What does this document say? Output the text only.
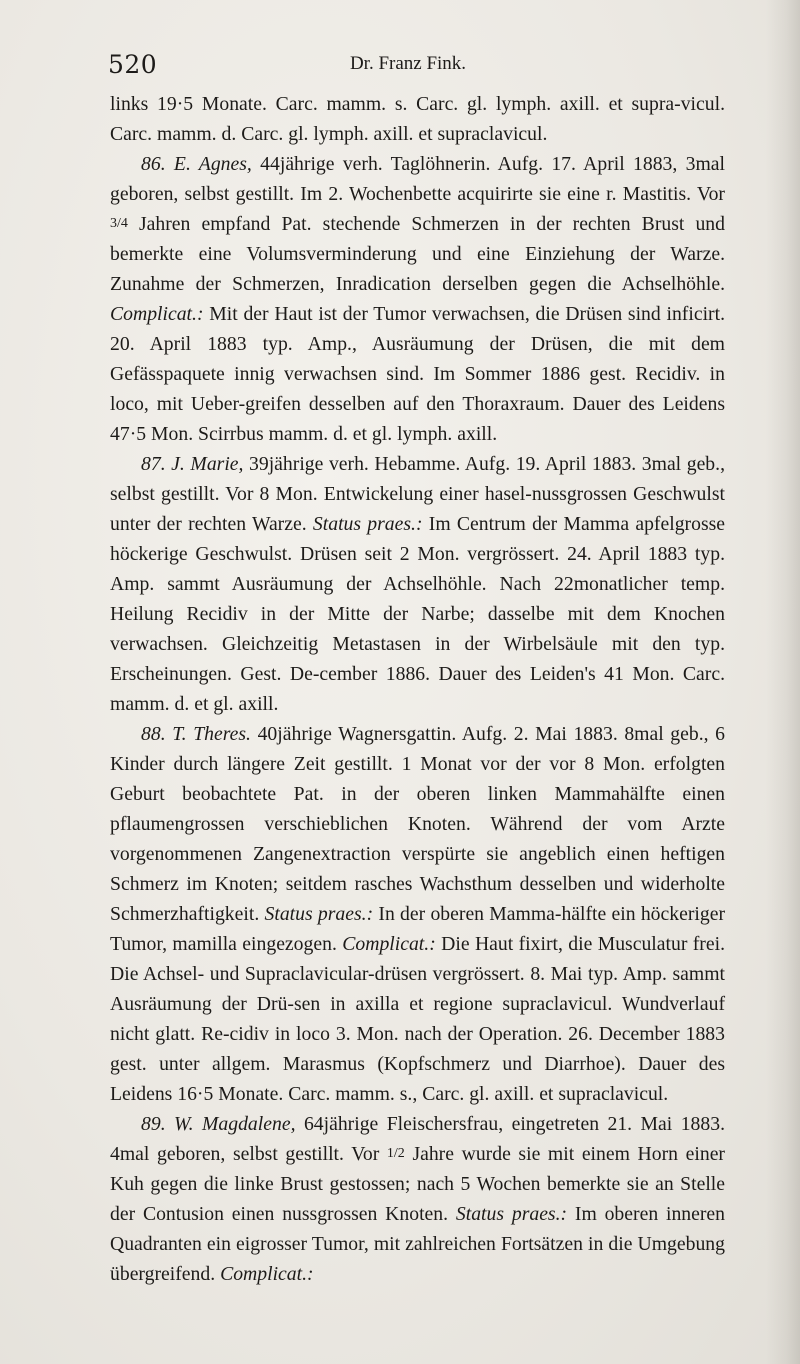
520	Dr. Franz Fink.

links 19·5 Monate. Carc. mamm. s. Carc. gl. lymph. axill. et supra-vicul. Carc. mamm. d. Carc. gl. lymph. axill. et supraclavicul.

86. E. Agnes, 44jährige verh. Taglöhnerin. Aufg. 17. April 1883, 3mal geboren, selbst gestillt. Im 2. Wochenbette acquirirte sie eine r. Mastitis. Vor 3/4 Jahren empfand Pat. stechende Schmerzen in der rechten Brust und bemerkte eine Volumsverminderung und eine Einziehung der Warze. Zunahme der Schmerzen, Inradication derselben gegen die Achselhöhle. Complicat.: Mit der Haut ist der Tumor verwachsen, die Drüsen sind inficirt. 20. April 1883 typ. Amp., Ausräumung der Drüsen, die mit dem Gefässpaquete innig verwachsen sind. Im Sommer 1886 gest. Recidiv. in loco, mit Ueber-greifen desselben auf den Thoraxraum. Dauer des Leidens 47·5 Mon. Scirrbus mamm. d. et gl. lymph. axill.

87. J. Marie, 39jährige verh. Hebamme. Aufg. 19. April 1883. 3mal geb., selbst gestillt. Vor 8 Mon. Entwickelung einer hasel-nussgrossen Geschwulst unter der rechten Warze. Status praes.: Im Centrum der Mamma apfelgrosse höckerige Geschwulst. Drüsen seit 2 Mon. vergrössert. 24. April 1883 typ. Amp. sammt Ausräumung der Achselhöhle. Nach 22monatlicher temp. Heilung Recidiv in der Mitte der Narbe; dasselbe mit dem Knochen verwachsen. Gleichzeitig Metastasen in der Wirbelsäule mit den typ. Erscheinungen. Gest. De-cember 1886. Dauer des Leiden's 41 Mon. Carc. mamm. d. et gl. axill.

88. T. Theres. 40jährige Wagnersgattin. Aufg. 2. Mai 1883. 8mal geb., 6 Kinder durch längere Zeit gestillt. 1 Monat vor der vor 8 Mon. erfolgten Geburt beobachtete Pat. in der oberen linken Mammahälfte einen pflaumengrossen verschieblichen Knoten. Während der vom Arzte vorgenommenen Zangenextraction verspürte sie angeblich einen heftigen Schmerz im Knoten; seitdem rasches Wachsthum desselben und widerholte Schmerzhaftigkeit. Status praes.: In der oberen Mamma-hälfte ein höckeriger Tumor, mamilla eingezogen. Complicat.: Die Haut fixirt, die Musculatur frei. Die Achsel- und Supraclavicular-drüsen vergrössert. 8. Mai typ. Amp. sammt Ausräumung der Drü-sen in axilla et regione supraclavicul. Wundverlauf nicht glatt. Re-cidiv in loco 3. Mon. nach der Operation. 26. December 1883 gest. unter allgem. Marasmus (Kopfschmerz und Diarrhoe). Dauer des Leidens 16·5 Monate. Carc. mamm. s., Carc. gl. axill. et supraclavicul.

89. W. Magdalene, 64jährige Fleischersfrau, eingetreten 21. Mai 1883. 4mal geboren, selbst gestillt. Vor 1/2 Jahre wurde sie mit einem Horn einer Kuh gegen die linke Brust gestossen; nach 5 Wochen bemerkte sie an Stelle der Contusion einen nussgrossen Knoten. Status praes.: Im oberen inneren Quadranten ein eigrosser Tumor, mit zahlreichen Fortsätzen in die Umgebung übergreifend. Complicat.:
